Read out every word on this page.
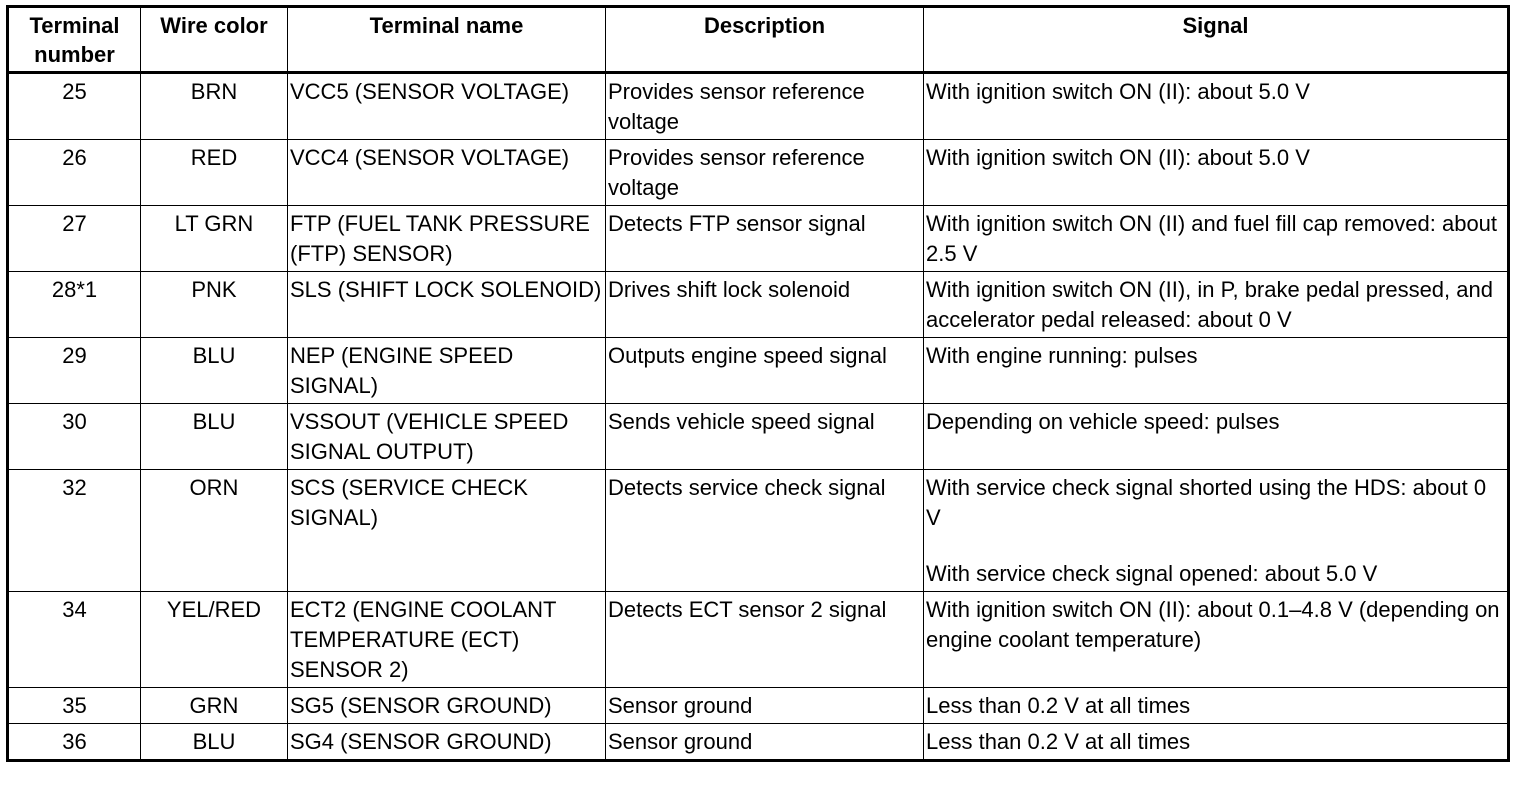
Terminal number	Wire color	Terminal name	Description	Signal
25	BRN	VCC5 (SENSOR VOLTAGE)	Provides sensor reference voltage	With ignition switch ON (II): about 5.0 V

26	RED	VCC4 (SENSOR VOLTAGE)	Provides sensor reference voltage	With ignition switch ON (II): about 5.0 V

27	LT GRN	FTP (FUEL TANK PRESSURE (FTP) SENSOR)	Detects FTP sensor signal	With ignition switch ON (II) and fuel fill cap removed: about 2.5 V

28*1	PNK	SLS (SHIFT LOCK SOLENOID)	Drives shift lock solenoid	With ignition switch ON (II), in P, brake pedal pressed, and accelerator pedal released: about 0 V

29	BLU	NEP (ENGINE SPEED SIGNAL)	Outputs engine speed signal	With engine running: pulses

30	BLU	VSSOUT (VEHICLE SPEED SIGNAL OUTPUT)	Sends vehicle speed signal	Depending on vehicle speed: pulses

32	ORN	SCS (SERVICE CHECK SIGNAL)	Detects service check signal	With service check signal shorted using the HDS: about 0 V
With service check signal opened: about 5.0 V

34	YEL/RED	ECT2 (ENGINE COOLANT TEMPERATURE (ECT) SENSOR 2)	Detects ECT sensor 2 signal	With ignition switch ON (II): about 0.1–4.8 V (depending on engine coolant temperature)

35	GRN	SG5 (SENSOR GROUND)	Sensor ground	Less than 0.2 V at all times

36	BLU	SG4 (SENSOR GROUND)	Sensor ground	Less than 0.2 V at all times
